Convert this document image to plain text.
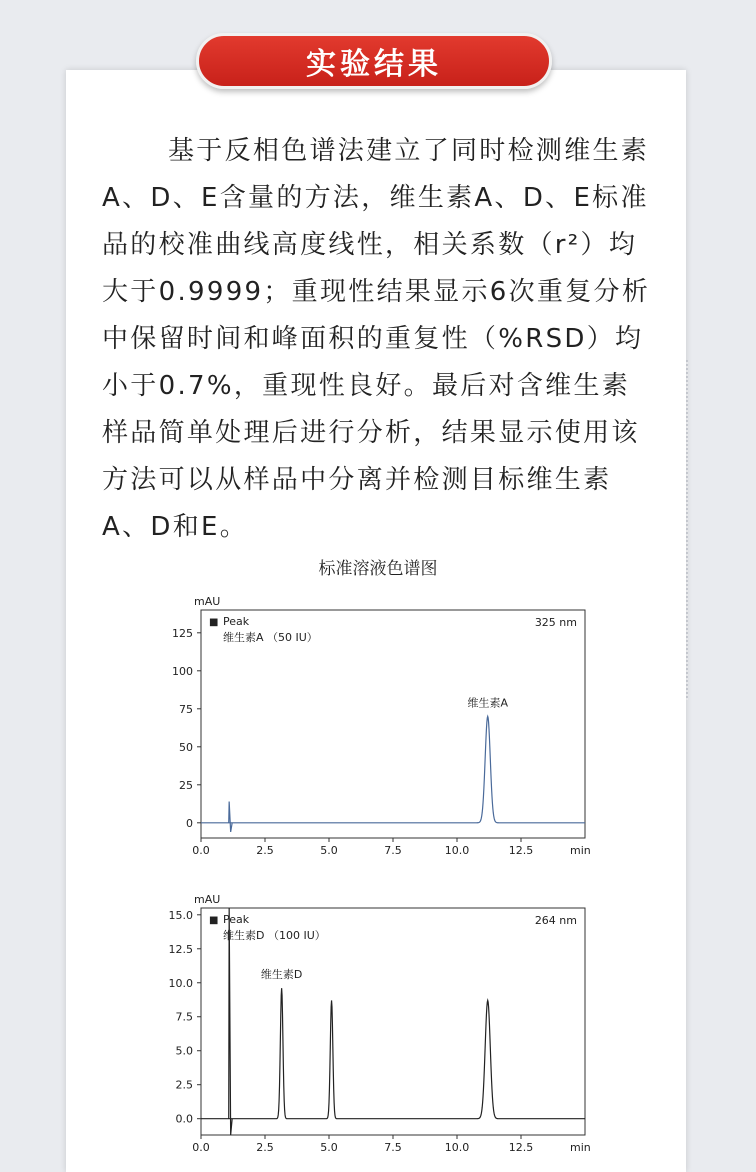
实验结果

基于反相色谱法建立了同时检测维生素
A、D、E含量的方法，维生素A、D、E标准
品的校准曲线高度线性，相关系数（r²）均
大于0.9999；重现性结果显示6次重复分析
中保留时间和峰面积的重复性（%RSD）均
小于0.7%，重现性良好。最后对含维生素
样品简单处理后进行分析，结果显示使用该
方法可以从样品中分离并检测目标维生素
A、D和E。

标准溶液色谱图
0
25
50
75
100
125
0.0	2.5	5.0	7.5	10.0	12.5	min
mAU
325 nm
■ Peak
维生素A （50 IU）
维生素A
0.0
2.5
5.0
7.5
10.0
12.5
15.0
0.0	2.5	5.0	7.5	10.0	12.5	min
mAU
264 nm
■ Peak
维生素D （100 IU）
维生素D
